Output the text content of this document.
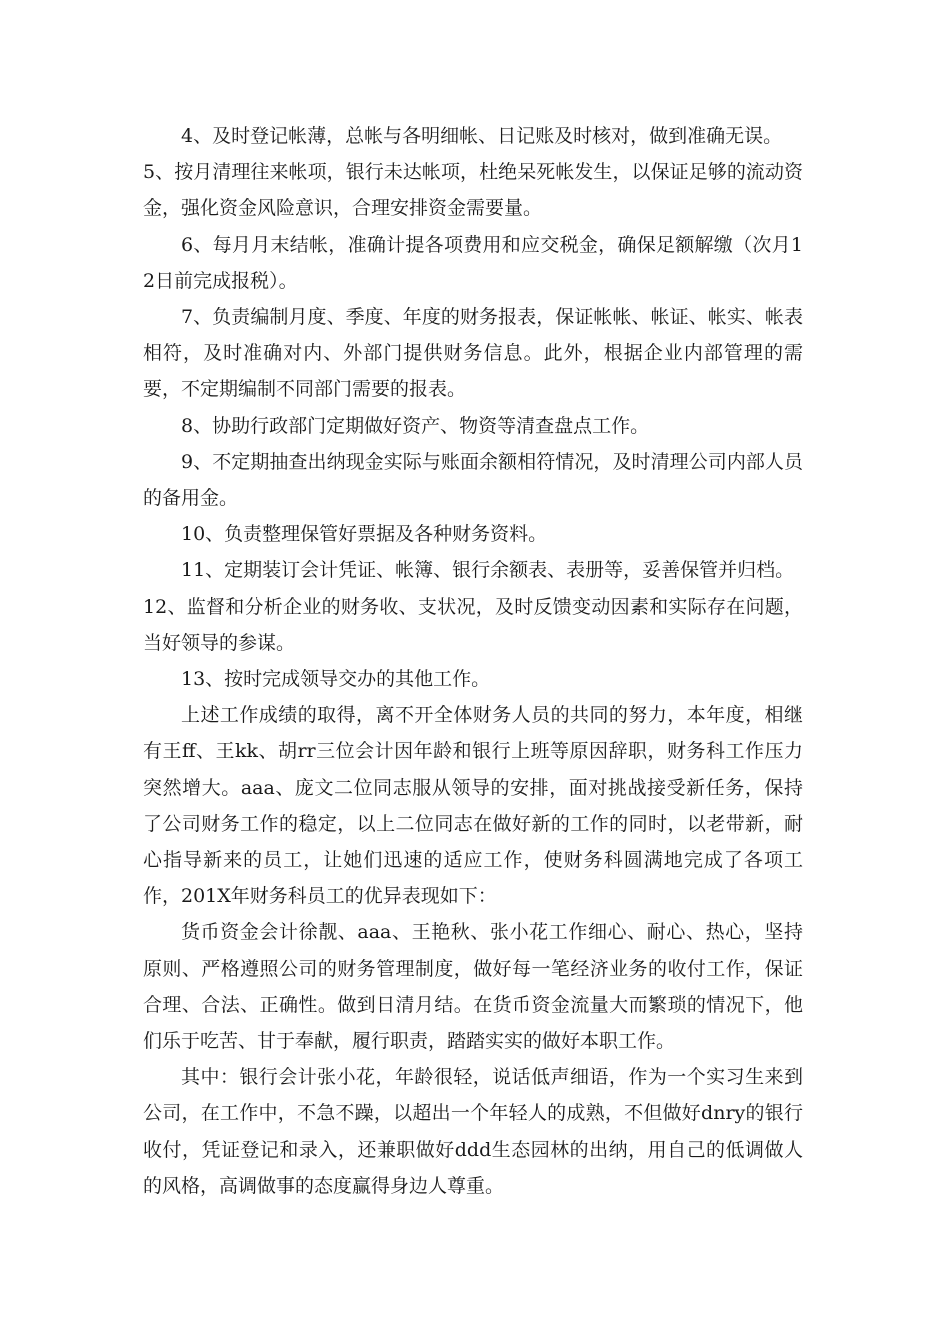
4、及时登记帐薄，总帐与各明细帐、日记账及时核对，做到准确无误。

5、按月清理往来帐项，银行未达帐项，杜绝呆死帐发生，以保证足够的流动资金，强化资金风险意识，合理安排资金需要量。

6、每月月末结帐，准确计提各项费用和应交税金，确保足额解缴（次月12日前完成报税）。

7、负责编制月度、季度、年度的财务报表，保证帐帐、帐证、帐实、帐表相符，及时准确对内、外部门提供财务信息。此外，根据企业内部管理的需要，不定期编制不同部门需要的报表。

8、协助行政部门定期做好资产、物资等清查盘点工作。

9、不定期抽查出纳现金实际与账面余额相符情况，及时清理公司内部人员的备用金。

10、负责整理保管好票据及各种财务资料。

11、定期装订会计凭证、帐簿、银行余额表、表册等，妥善保管并归档。

12、监督和分析企业的财务收、支状况，及时反馈变动因素和实际存在问题，当好领导的参谋。

13、按时完成领导交办的其他工作。

上述工作成绩的取得，离不开全体财务人员的共同的努力，本年度，相继有王ff、王kk、胡rr三位会计因年龄和银行上班等原因辞职，财务科工作压力突然增大。aaa、庞文二位同志服从领导的安排，面对挑战接受新任务，保持了公司财务工作的稳定，以上二位同志在做好新的工作的同时，以老带新，耐心指导新来的员工，让她们迅速的适应工作，使财务科圆满地完成了各项工作，201X年财务科员工的优异表现如下：

货币资金会计徐靓、aaa、王艳秋、张小花工作细心、耐心、热心，坚持原则、严格遵照公司的财务管理制度，做好每一笔经济业务的收付工作，保证合理、合法、正确性。做到日清月结。在货币资金流量大而繁琐的情况下，他们乐于吃苦、甘于奉献，履行职责，踏踏实实的做好本职工作。

其中：银行会计张小花，年龄很轻，说话低声细语，作为一个实习生来到公司，在工作中，不急不躁，以超出一个年轻人的成熟，不但做好dnry的银行收付，凭证登记和录入，还兼职做好ddd生态园林的出纳，用自己的低调做人的风格，高调做事的态度赢得身边人尊重。
